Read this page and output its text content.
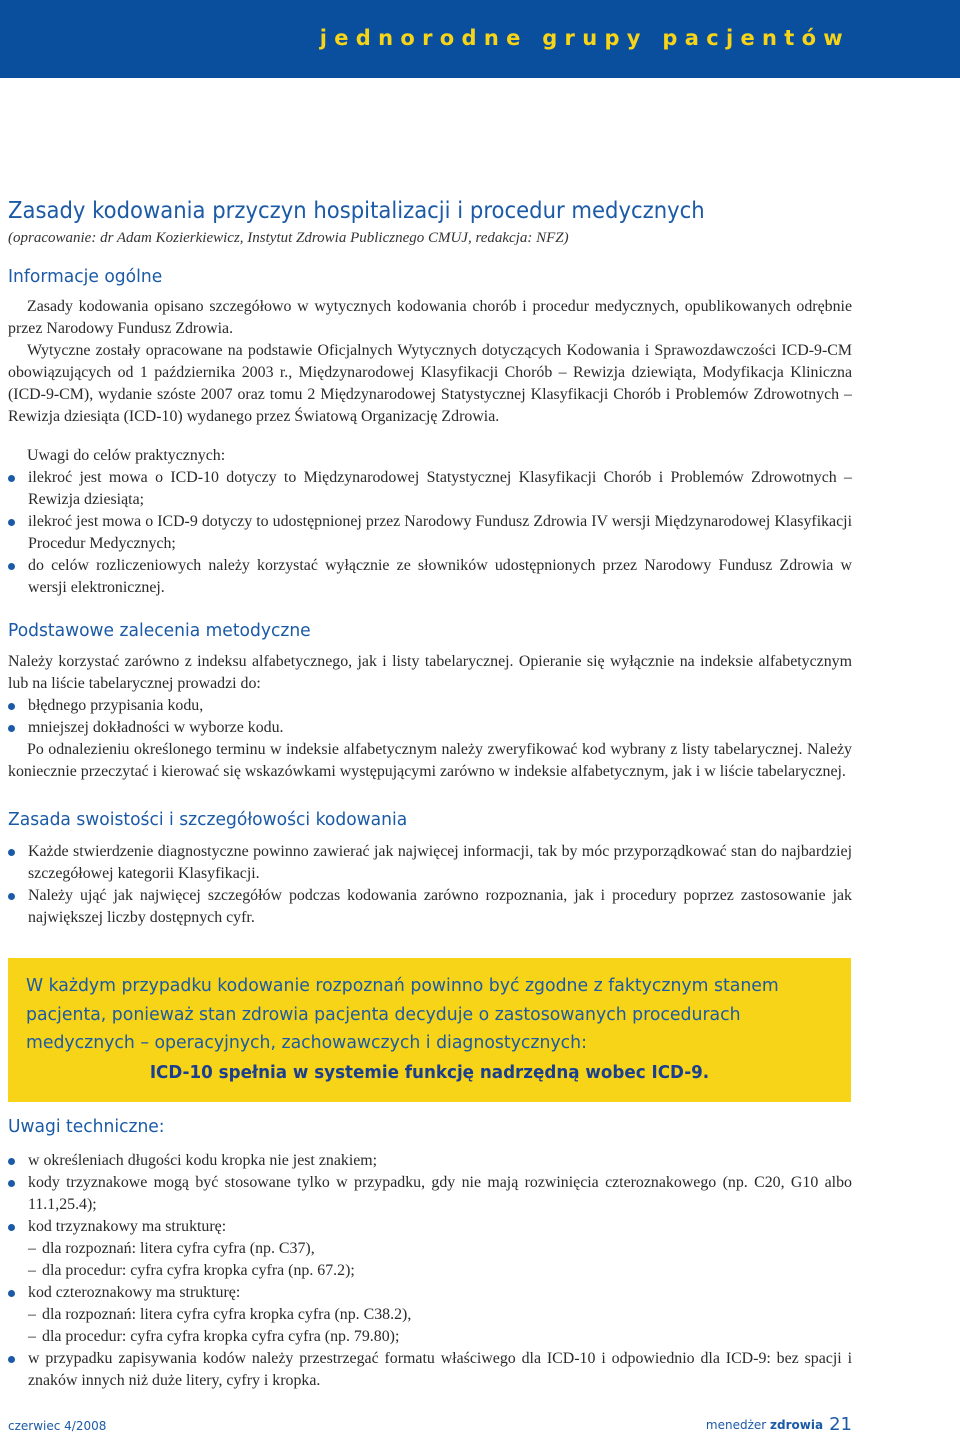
jednorodne grupy pacjentów
Zasady kodowania przyczyn hospitalizacji i procedur medycznych
(opracowanie: dr Adam Kozierkiewicz, Instytut Zdrowia Publicznego CMUJ, redakcja: NFZ)
Informacje ogólne

Zasady kodowania opisano szczegółowo w wytycznych kodowania chorób i procedur medycznych, opublikowanych odrębnie przez Narodowy Fundusz Zdrowia.

Wytyczne zostały opracowane na podstawie Oficjalnych Wytycznych dotyczących Kodowania i Sprawozdawczości ICD-9-CM obowiązujących od 1 października 2003 r., Międzynarodowej Klasyfikacji Chorób – Rewizja dziewiąta, Modyfikacja Kliniczna (ICD-9-CM), wydanie szóste 2007 oraz tomu 2 Międzynarodowej Statystycznej Klasyfikacji Chorób i Problemów Zdrowotnych – Rewizja dziesiąta (ICD-10) wydanego przez Światową Organizację Zdrowia.

Uwagi do celów praktycznych:

ilekroć jest mowa o ICD-10 dotyczy to Międzynarodowej Statystycznej Klasyfikacji Chorób i Problemów Zdrowotnych – Rewizja dziesiąta;
ilekroć jest mowa o ICD-9 dotyczy to udostępnionej przez Narodowy Fundusz Zdrowia IV wersji Międzynarodowej Klasyfikacji Procedur Medycznych;
do celów rozliczeniowych należy korzystać wyłącznie ze słowników udostępnionych przez Narodowy Fundusz Zdrowia w wersji elektronicznej.
Podstawowe zalecenia metodyczne

Należy korzystać zarówno z indeksu alfabetycznego, jak i listy tabelarycznej. Opieranie się wyłącznie na indeksie alfabetycznym lub na liście tabelarycznej prowadzi do:

błędnego przypisania kodu,
mniejszej dokładności w wyborze kodu.

Po odnalezieniu określonego terminu w indeksie alfabetycznym należy zweryfikować kod wybrany z listy tabelarycznej. Należy koniecznie przeczytać i kierować się wskazówkami występującymi zarówno w indeksie alfabetycznym, jak i w liście tabelarycznej.

Zasada swoistości i szczegółowości kodowania
Każde stwierdzenie diagnostyczne powinno zawierać jak najwięcej informacji, tak by móc przyporządkować stan do najbardziej szczegółowej kategorii Klasyfikacji.
Należy ująć jak najwięcej szczegółów podczas kodowania zarówno rozpoznania, jak i procedury poprzez zastosowanie jak największej liczby dostępnych cyfr.
W każdym przypadku kodowanie rozpoznań powinno być zgodne z faktycznym stanem pacjenta, ponieważ stan zdrowia pacjenta decyduje o zastosowanych procedurach medycznych – operacyjnych, zachowawczych i diagnostycznych:
ICD-10 spełnia w systemie funkcję nadrzędną wobec ICD-9.
Uwagi techniczne:
w określeniach długości kodu kropka nie jest znakiem;
kody trzyznakowe mogą być stosowane tylko w przypadku, gdy nie mają rozwinięcia czteroznakowego (np. C20, G10 albo 11.1,25.4);
kod trzyznakowy ma strukturę:
– dla rozpoznań: litera cyfra cyfra (np. C37),
– dla procedur: cyfra cyfra kropka cyfra (np. 67.2);
kod czteroznakowy ma strukturę:
– dla rozpoznań: litera cyfra cyfra kropka cyfra (np. C38.2),
– dla procedur: cyfra cyfra kropka cyfra cyfra (np. 79.80);
w przypadku zapisywania kodów należy przestrzegać formatu właściwego dla ICD-10 i odpowiednio dla ICD-9: bez spacji i znaków innych niż duże litery, cyfry i kropka.
czerwiec 4/2008	menedżer zdrowia 21
